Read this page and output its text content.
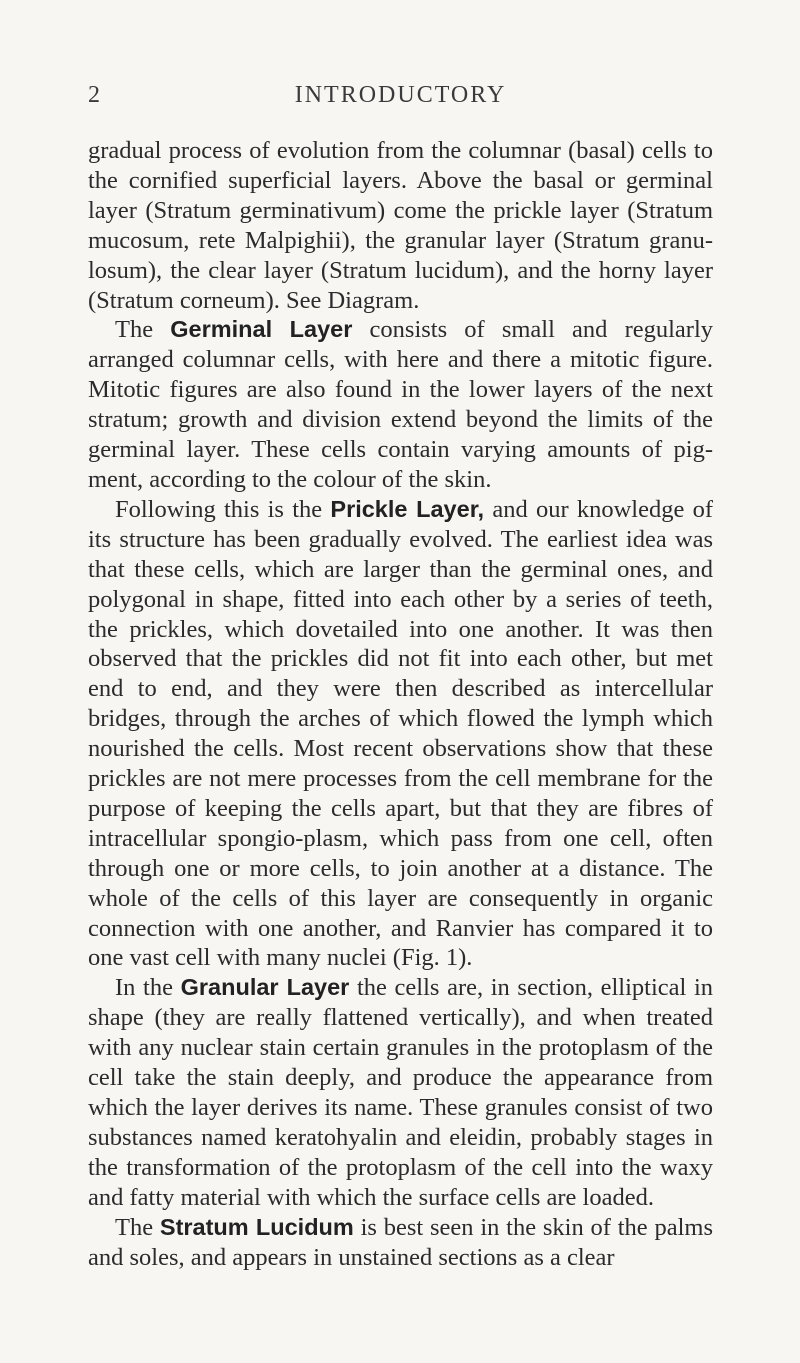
2	INTRODUCTORY

gradual process of evolution from the columnar (basal) cells to the cornified superficial layers. Above the basal or germinal layer (Stratum germinativum) come the prickle layer (Stratum mucosum, rete Malpighii), the granular layer (Stratum granu-losum), the clear layer (Stratum lucidum), and the horny layer (Stratum corneum). See Diagram.

The Germinal Layer consists of small and regularly arranged columnar cells, with here and there a mitotic figure. Mitotic figures are also found in the lower layers of the next stratum; growth and division extend beyond the limits of the germinal layer. These cells contain varying amounts of pig-ment, according to the colour of the skin.

Following this is the Prickle Layer, and our knowledge of its structure has been gradually evolved. The earliest idea was that these cells, which are larger than the germinal ones, and polygonal in shape, fitted into each other by a series of teeth, the prickles, which dovetailed into one another. It was then observed that the prickles did not fit into each other, but met end to end, and they were then described as intercellular bridges, through the arches of which flowed the lymph which nourished the cells. Most recent observations show that these prickles are not mere processes from the cell membrane for the purpose of keeping the cells apart, but that they are fibres of intracellular spongio-plasm, which pass from one cell, often through one or more cells, to join another at a distance. The whole of the cells of this layer are consequently in organic connection with one another, and Ranvier has compared it to one vast cell with many nuclei (Fig. 1).

In the Granular Layer the cells are, in section, elliptical in shape (they are really flattened vertically), and when treated with any nuclear stain certain granules in the protoplasm of the cell take the stain deeply, and produce the appearance from which the layer derives its name. These granules consist of two substances named keratohyalin and eleidin, probably stages in the transformation of the protoplasm of the cell into the waxy and fatty material with which the surface cells are loaded.

The Stratum Lucidum is best seen in the skin of the palms and soles, and appears in unstained sections as a clear
